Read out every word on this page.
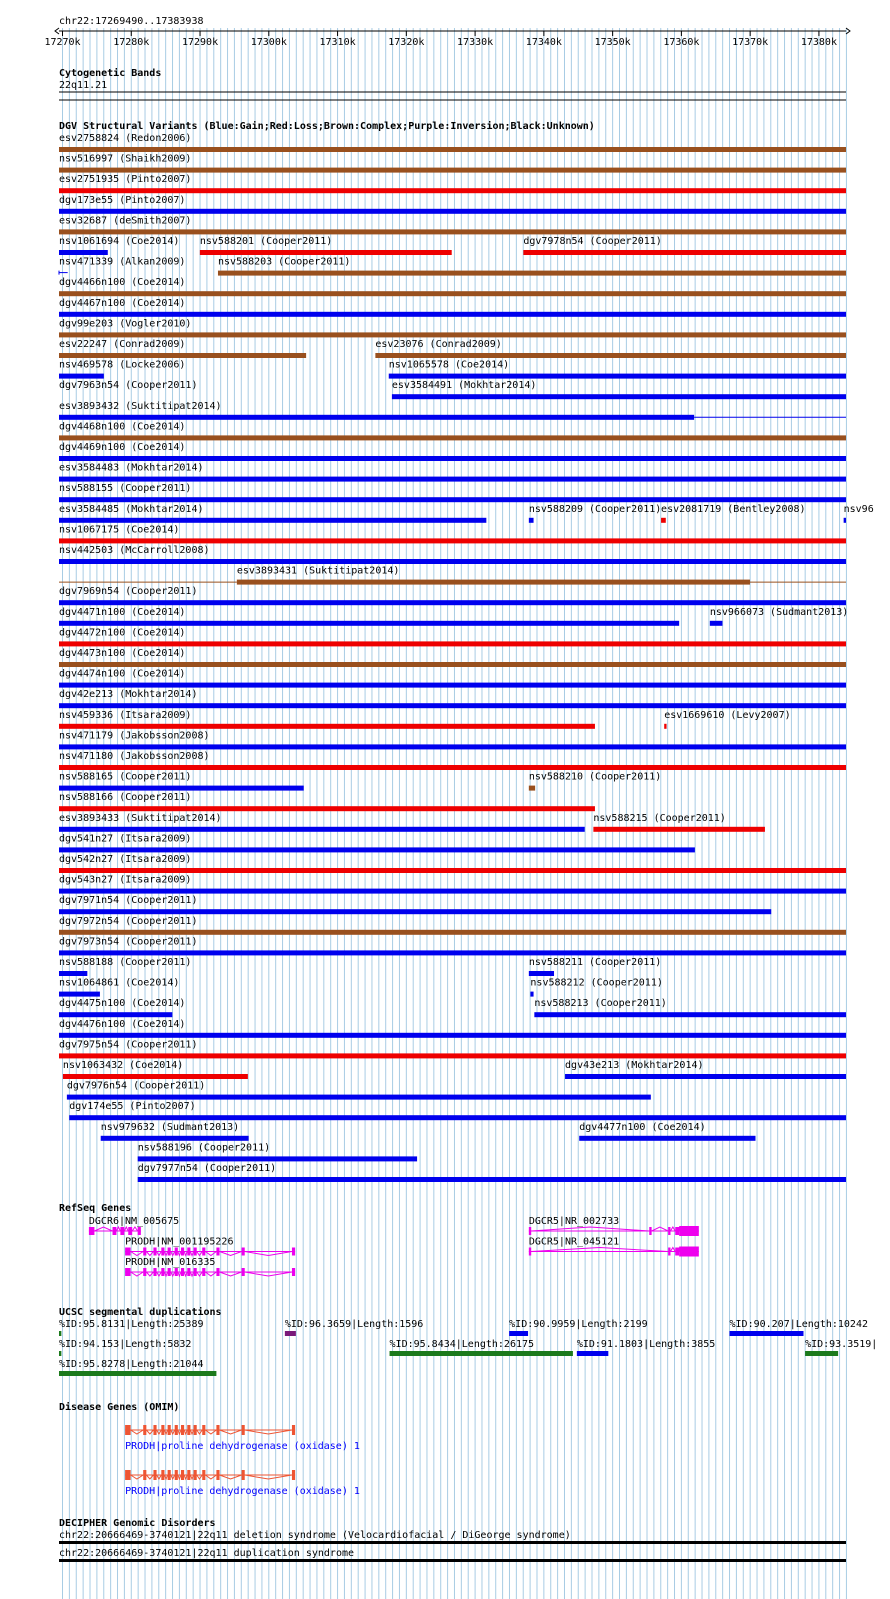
chr22:17269490..17383938
17270k	17280k	17290k	17300k	17310k	17320k	17330k	17340k	17350k	17360k	17370k	17380k
Cytogenetic Bands
22q11.21
DGV Structural Variants (Blue:Gain;Red:Loss;Brown:Complex;Purple:Inversion;Black:Unknown)
esv2758824 (Redon2006)
nsv516997 (Shaikh2009)
esv2751935 (Pinto2007)
dgv173e55 (Pinto2007)
esv32687 (deSmith2007)
nsv1061694 (Coe2014) nsv588201 (Cooper2011)	dgv7978n54 (Cooper2011)
nsv471339 (Alkan2009)	nsv588203 (Cooper2011)
dgv4466n100 (Coe2014)
dgv4467n100 (Coe2014)
dgv99e203 (Vogler2010)
esv22247 (Conrad2009)	esv23076 (Conrad2009)
nsv469578 (Locke2006)	nsv1065578 (Coe2014)
dgv7963n54 (Cooper2011)	esv3584491 (Mokhtar2014)
esv3893432 (Suktitipat2014)
dgv4468n100 (Coe2014)
dgv4469n100 (Coe2014)
esv3584483 (Mokhtar2014)
nsv588155 (Cooper2011)
esv3584485 (Mokhtar2014)	nsv588209 (Cooper2011) esv2081719 (Bentley2008)	nsv96
nsv1067175 (Coe2014)
nsv442503 (McCarroll2008)
esv3893431 (Suktitipat2014)
dgv7969n54 (Cooper2011)
dgv4471n100 (Coe2014)	nsv966073 (Sudmant2013)
dgv4472n100 (Coe2014)
dgv4473n100 (Coe2014)
dgv4474n100 (Coe2014)
dgv42e213 (Mokhtar2014)
nsv459336 (Itsara2009)	esv1669610 (Levy2007)
nsv471179 (Jakobsson2008)
nsv471180 (Jakobsson2008)
nsv588165 (Cooper2011)	nsv588210 (Cooper2011)
nsv588166 (Cooper2011)
esv3893433 (Suktitipat2014)	nsv588215 (Cooper2011)
dgv541n27 (Itsara2009)
dgv542n27 (Itsara2009)
dgv543n27 (Itsara2009)
dgv7971n54 (Cooper2011)
dgv7972n54 (Cooper2011)
dgv7973n54 (Cooper2011)
nsv588188 (Cooper2011)	nsv588211 (Cooper2011)
nsv1064861 (Coe2014)	nsv588212 (Cooper2011)
dgv4475n100 (Coe2014)	nsv588213 (Cooper2011)
dgv4476n100 (Coe2014)
dgv7975n54 (Cooper2011)
nsv1063432 (Coe2014)	dgv43e213 (Mokhtar2014)
dgv7976n54 (Cooper2011)
dgv174e55 (Pinto2007)
nsv979632 (Sudmant2013)	dgv4477n100 (Coe2014)
nsv588196 (Cooper2011)
dgv7977n54 (Cooper2011)
RefSeq Genes
DGCR6|NM_005675
PRODH|NM_001195226
PRODH|NM_016335
DGCR5|NR_002733
DGCR5|NR_045121
UCSC segmental duplications
%ID:95.8131|Length:25389	%ID:96.3659|Length:1596	%ID:90.9959|Length:2199	%ID:90.207|Length:10242
%ID:94.153|Length:5832	%ID:95.8434|Length:26175	%ID:91.1803|Length:3855	%ID:93.3519|
%ID:95.8278|Length:21044
Disease Genes (OMIM)
PRODH|proline dehydrogenase (oxidase) 1
PRODH|proline dehydrogenase (oxidase) 1
DECIPHER Genomic Disorders
chr22:20666469-3740121|22q11 deletion syndrome (Velocardiofacial / DiGeorge syndrome)
chr22:20666469-3740121|22q11 duplication syndrome
